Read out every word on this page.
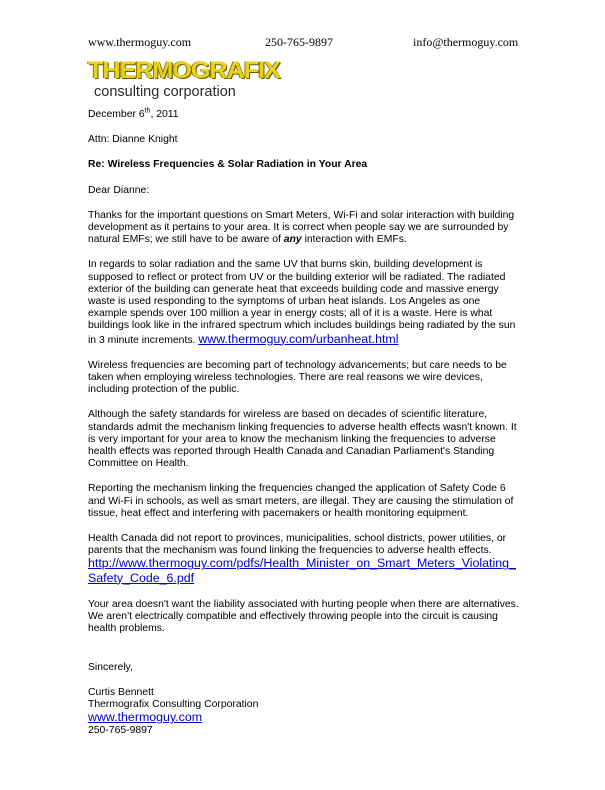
www.thermoguy.com	250-765-9897	info@thermoguy.com
THERMOGRAFIX
consulting corporation

December 6th, 2011

Attn: Dianne Knight

Re: Wireless Frequencies & Solar Radiation in Your Area

Dear Dianne:

Thanks for the important questions on Smart Meters, Wi-Fi and solar interaction with building development as it pertains to your area. It is correct when people say we are surrounded by natural EMFs; we still have to be aware of any interaction with EMFs.

In regards to solar radiation and the same UV that burns skin, building development is supposed to reflect or protect from UV or the building exterior will be radiated. The radiated exterior of the building can generate heat that exceeds building code and massive energy waste is used responding to the symptoms of urban heat islands. Los Angeles as one example spends over 100 million a year in energy costs; all of it is a waste. Here is what buildings look like in the infrared spectrum which includes buildings being radiated by the sun in 3 minute increments. www.thermoguy.com/urbanheat.html

Wireless frequencies are becoming part of technology advancements; but care needs to be taken when employing wireless technologies. There are real reasons we wire devices, including protection of the public.

Although the safety standards for wireless are based on decades of scientific literature, standards admit the mechanism linking frequencies to adverse health effects wasn't known. It is very important for your area to know the mechanism linking the frequencies to adverse health effects was reported through Health Canada and Canadian Parliament's Standing Committee on Health.

Reporting the mechanism linking the frequencies changed the application of Safety Code 6 and Wi-Fi in schools, as well as smart meters, are illegal. They are causing the stimulation of tissue, heat effect and interfering with pacemakers or health monitoring equipment.

Health Canada did not report to provinces, municipalities, school districts, power utilities, or parents that the mechanism was found linking the frequencies to adverse health effects.
http://www.thermoguy.com/pdfs/Health_Minister_on_Smart_Meters_Violating_Safety_Code_6.pdf

Your area doesn't want the liability associated with hurting people when there are alternatives. We aren't electrically compatible and effectively throwing people into the circuit is causing health problems.

Sincerely,

Curtis Bennett

Thermografix Consulting Corporation

www.thermoguy.com

250-765-9897
